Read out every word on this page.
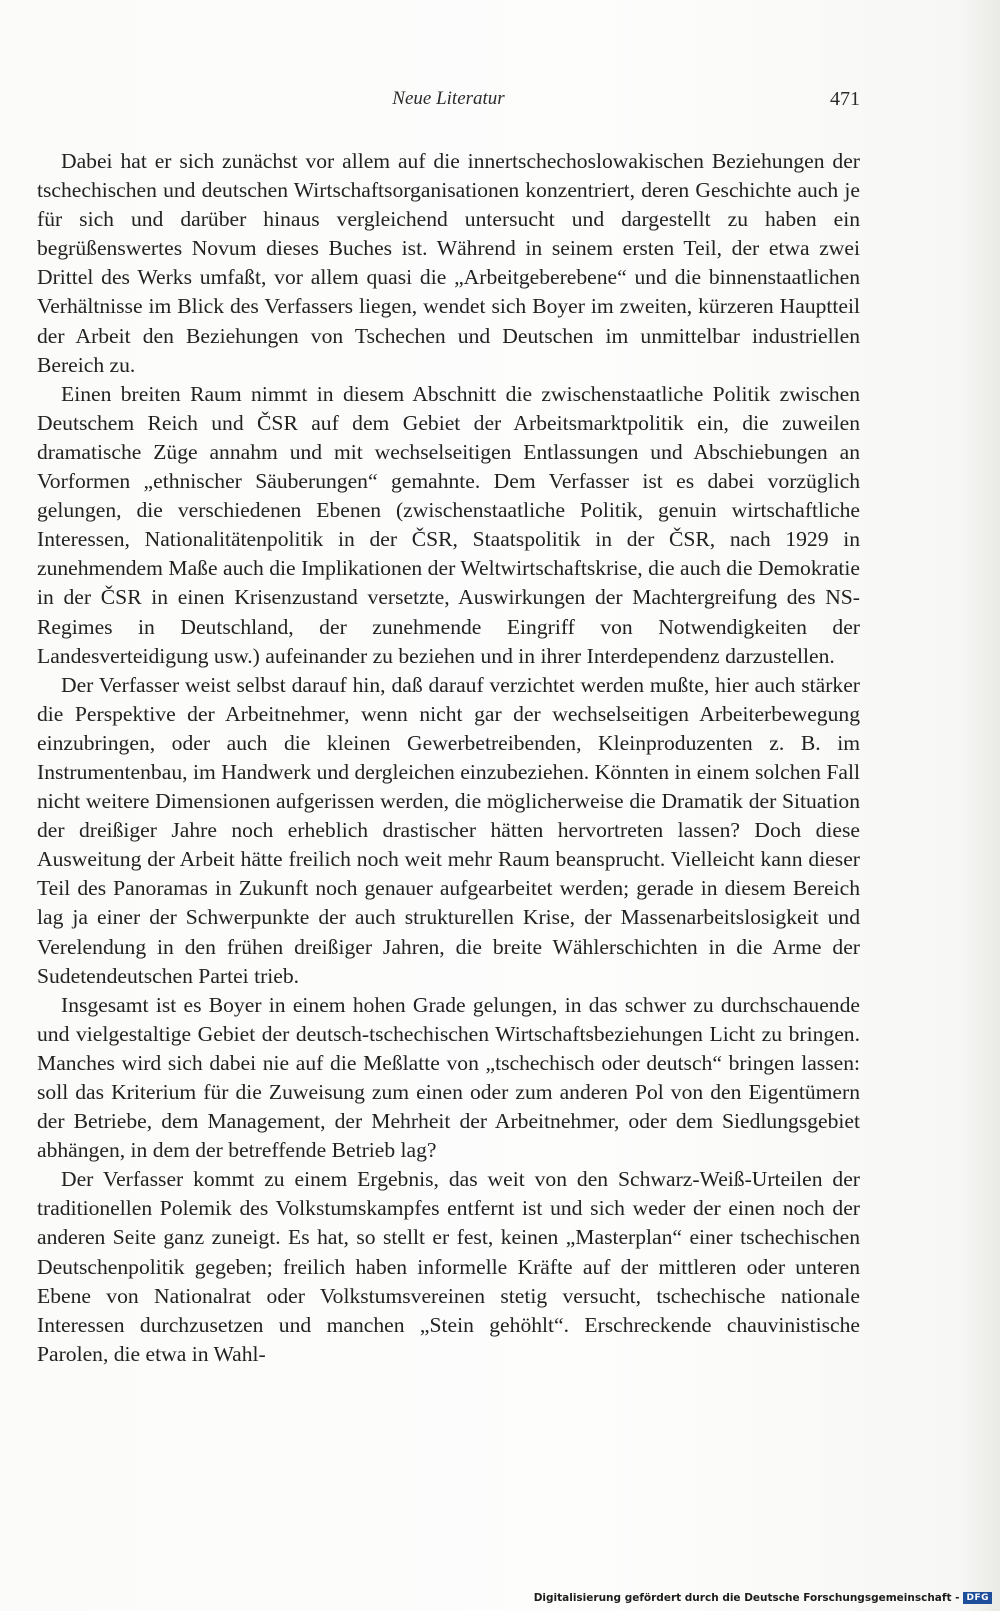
Neue Literatur	471

Dabei hat er sich zunächst vor allem auf die innertschechoslowakischen Beziehungen der tschechischen und deutschen Wirtschaftsorganisationen konzentriert, deren Geschichte auch je für sich und darüber hinaus vergleichend untersucht und dargestellt zu haben ein begrüßenswertes Novum dieses Buches ist. Während in seinem ersten Teil, der etwa zwei Drittel des Werks umfaßt, vor allem quasi die „Arbeitgeberebene“ und die binnenstaatlichen Verhältnisse im Blick des Verfassers liegen, wendet sich Boyer im zweiten, kürzeren Hauptteil der Arbeit den Beziehungen von Tschechen und Deutschen im unmittelbar industriellen Bereich zu.

Einen breiten Raum nimmt in diesem Abschnitt die zwischenstaatliche Politik zwischen Deutschem Reich und ČSR auf dem Gebiet der Arbeitsmarktpolitik ein, die zuweilen dramatische Züge annahm und mit wechselseitigen Entlassungen und Abschiebungen an Vorformen „ethnischer Säuberungen“ gemahnte. Dem Verfasser ist es dabei vorzüglich gelungen, die verschiedenen Ebenen (zwischenstaatliche Politik, genuin wirtschaftliche Interessen, Nationalitätenpolitik in der ČSR, Staatspolitik in der ČSR, nach 1929 in zunehmendem Maße auch die Implikationen der Weltwirtschaftskrise, die auch die Demokratie in der ČSR in einen Krisenzustand versetzte, Auswirkungen der Machtergreifung des NS-Regimes in Deutschland, der zunehmende Eingriff von Notwendigkeiten der Landesverteidigung usw.) aufeinander zu beziehen und in ihrer Interdependenz darzustellen.

Der Verfasser weist selbst darauf hin, daß darauf verzichtet werden mußte, hier auch stärker die Perspektive der Arbeitnehmer, wenn nicht gar der wechselseitigen Arbeiterbewegung einzubringen, oder auch die kleinen Gewerbetreibenden, Kleinproduzenten z. B. im Instrumentenbau, im Handwerk und dergleichen einzubeziehen. Könnten in einem solchen Fall nicht weitere Dimensionen aufgerissen werden, die möglicherweise die Dramatik der Situation der dreißiger Jahre noch erheblich drastischer hätten hervortreten lassen? Doch diese Ausweitung der Arbeit hätte freilich noch weit mehr Raum beansprucht. Vielleicht kann dieser Teil des Panoramas in Zukunft noch genauer aufgearbeitet werden; gerade in diesem Bereich lag ja einer der Schwerpunkte der auch strukturellen Krise, der Massenarbeitslosigkeit und Verelendung in den frühen dreißiger Jahren, die breite Wählerschichten in die Arme der Sudetendeutschen Partei trieb.

Insgesamt ist es Boyer in einem hohen Grade gelungen, in das schwer zu durchschauende und vielgestaltige Gebiet der deutsch-tschechischen Wirtschaftsbeziehungen Licht zu bringen. Manches wird sich dabei nie auf die Meßlatte von „tschechisch oder deutsch“ bringen lassen: soll das Kriterium für die Zuweisung zum einen oder zum anderen Pol von den Eigentümern der Betriebe, dem Management, der Mehrheit der Arbeitnehmer, oder dem Siedlungsgebiet abhängen, in dem der betreffende Betrieb lag?

Der Verfasser kommt zu einem Ergebnis, das weit von den Schwarz-Weiß-Urteilen der traditionellen Polemik des Volkstumskampfes entfernt ist und sich weder der einen noch der anderen Seite ganz zuneigt. Es hat, so stellt er fest, keinen „Masterplan“ einer tschechischen Deutschenpolitik gegeben; freilich haben informelle Kräfte auf der mittleren oder unteren Ebene von Nationalrat oder Volkstumsvereinen stetig versucht, tschechische nationale Interessen durchzusetzen und manchen „Stein gehöhlt“. Erschreckende chauvinistische Parolen, die etwa in Wahl-

Digitalisierung gefördert durch die Deutsche Forschungsgemeinschaft - DFG
